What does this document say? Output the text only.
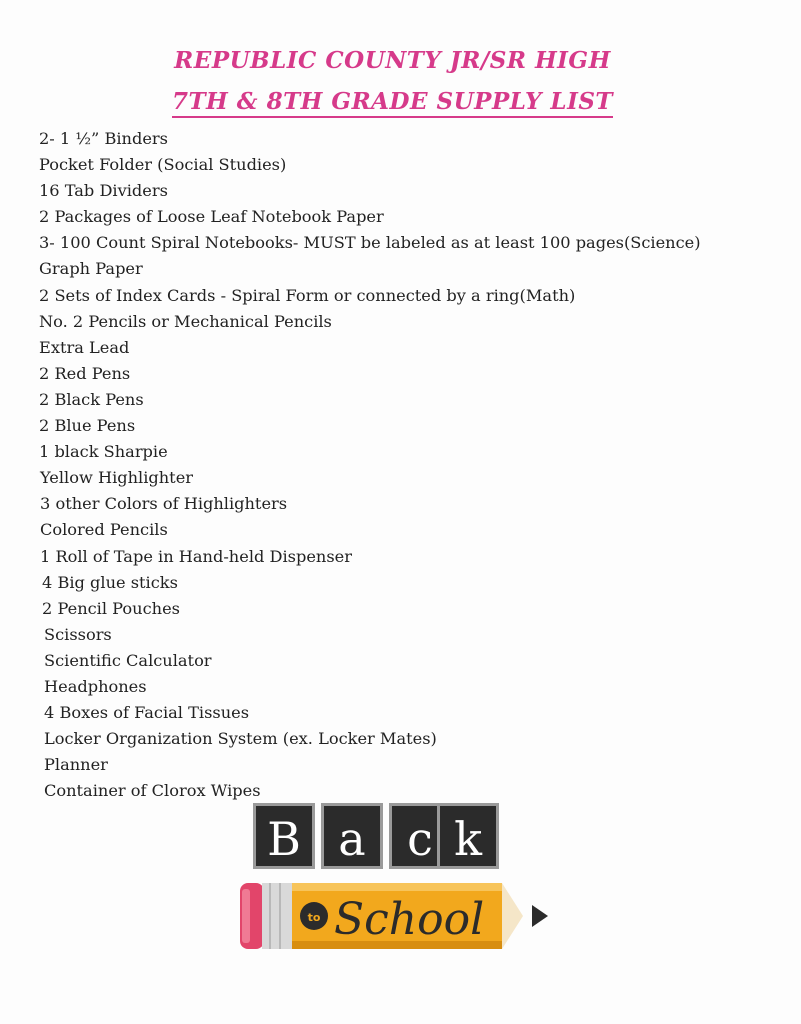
REPUBLIC COUNTY JR/SR HIGH
7TH & 8TH GRADE SUPPLY LIST
2- 1 ½” Binders
Pocket Folder (Social Studies)
16 Tab Dividers
2 Packages of Loose Leaf Notebook Paper
3- 100 Count Spiral Notebooks- MUST be labeled as at least 100 pages(Science)
Graph Paper
2 Sets of Index Cards - Spiral Form or connected by a ring(Math)
No. 2 Pencils or Mechanical Pencils
Extra Lead
2 Red Pens
2 Black Pens
2 Blue Pens
1 black Sharpie
Yellow Highlighter
3 other Colors of Highlighters
Colored Pencils
1 Roll of Tape in Hand-held Dispenser
4 Big glue sticks
2 Pencil Pouches
Scissors
Scientific Calculator
Headphones
4 Boxes of Facial Tissues
Locker Organization System (ex. Locker Mates)
Planner
Container of Clorox Wipes
B a c k
to School
